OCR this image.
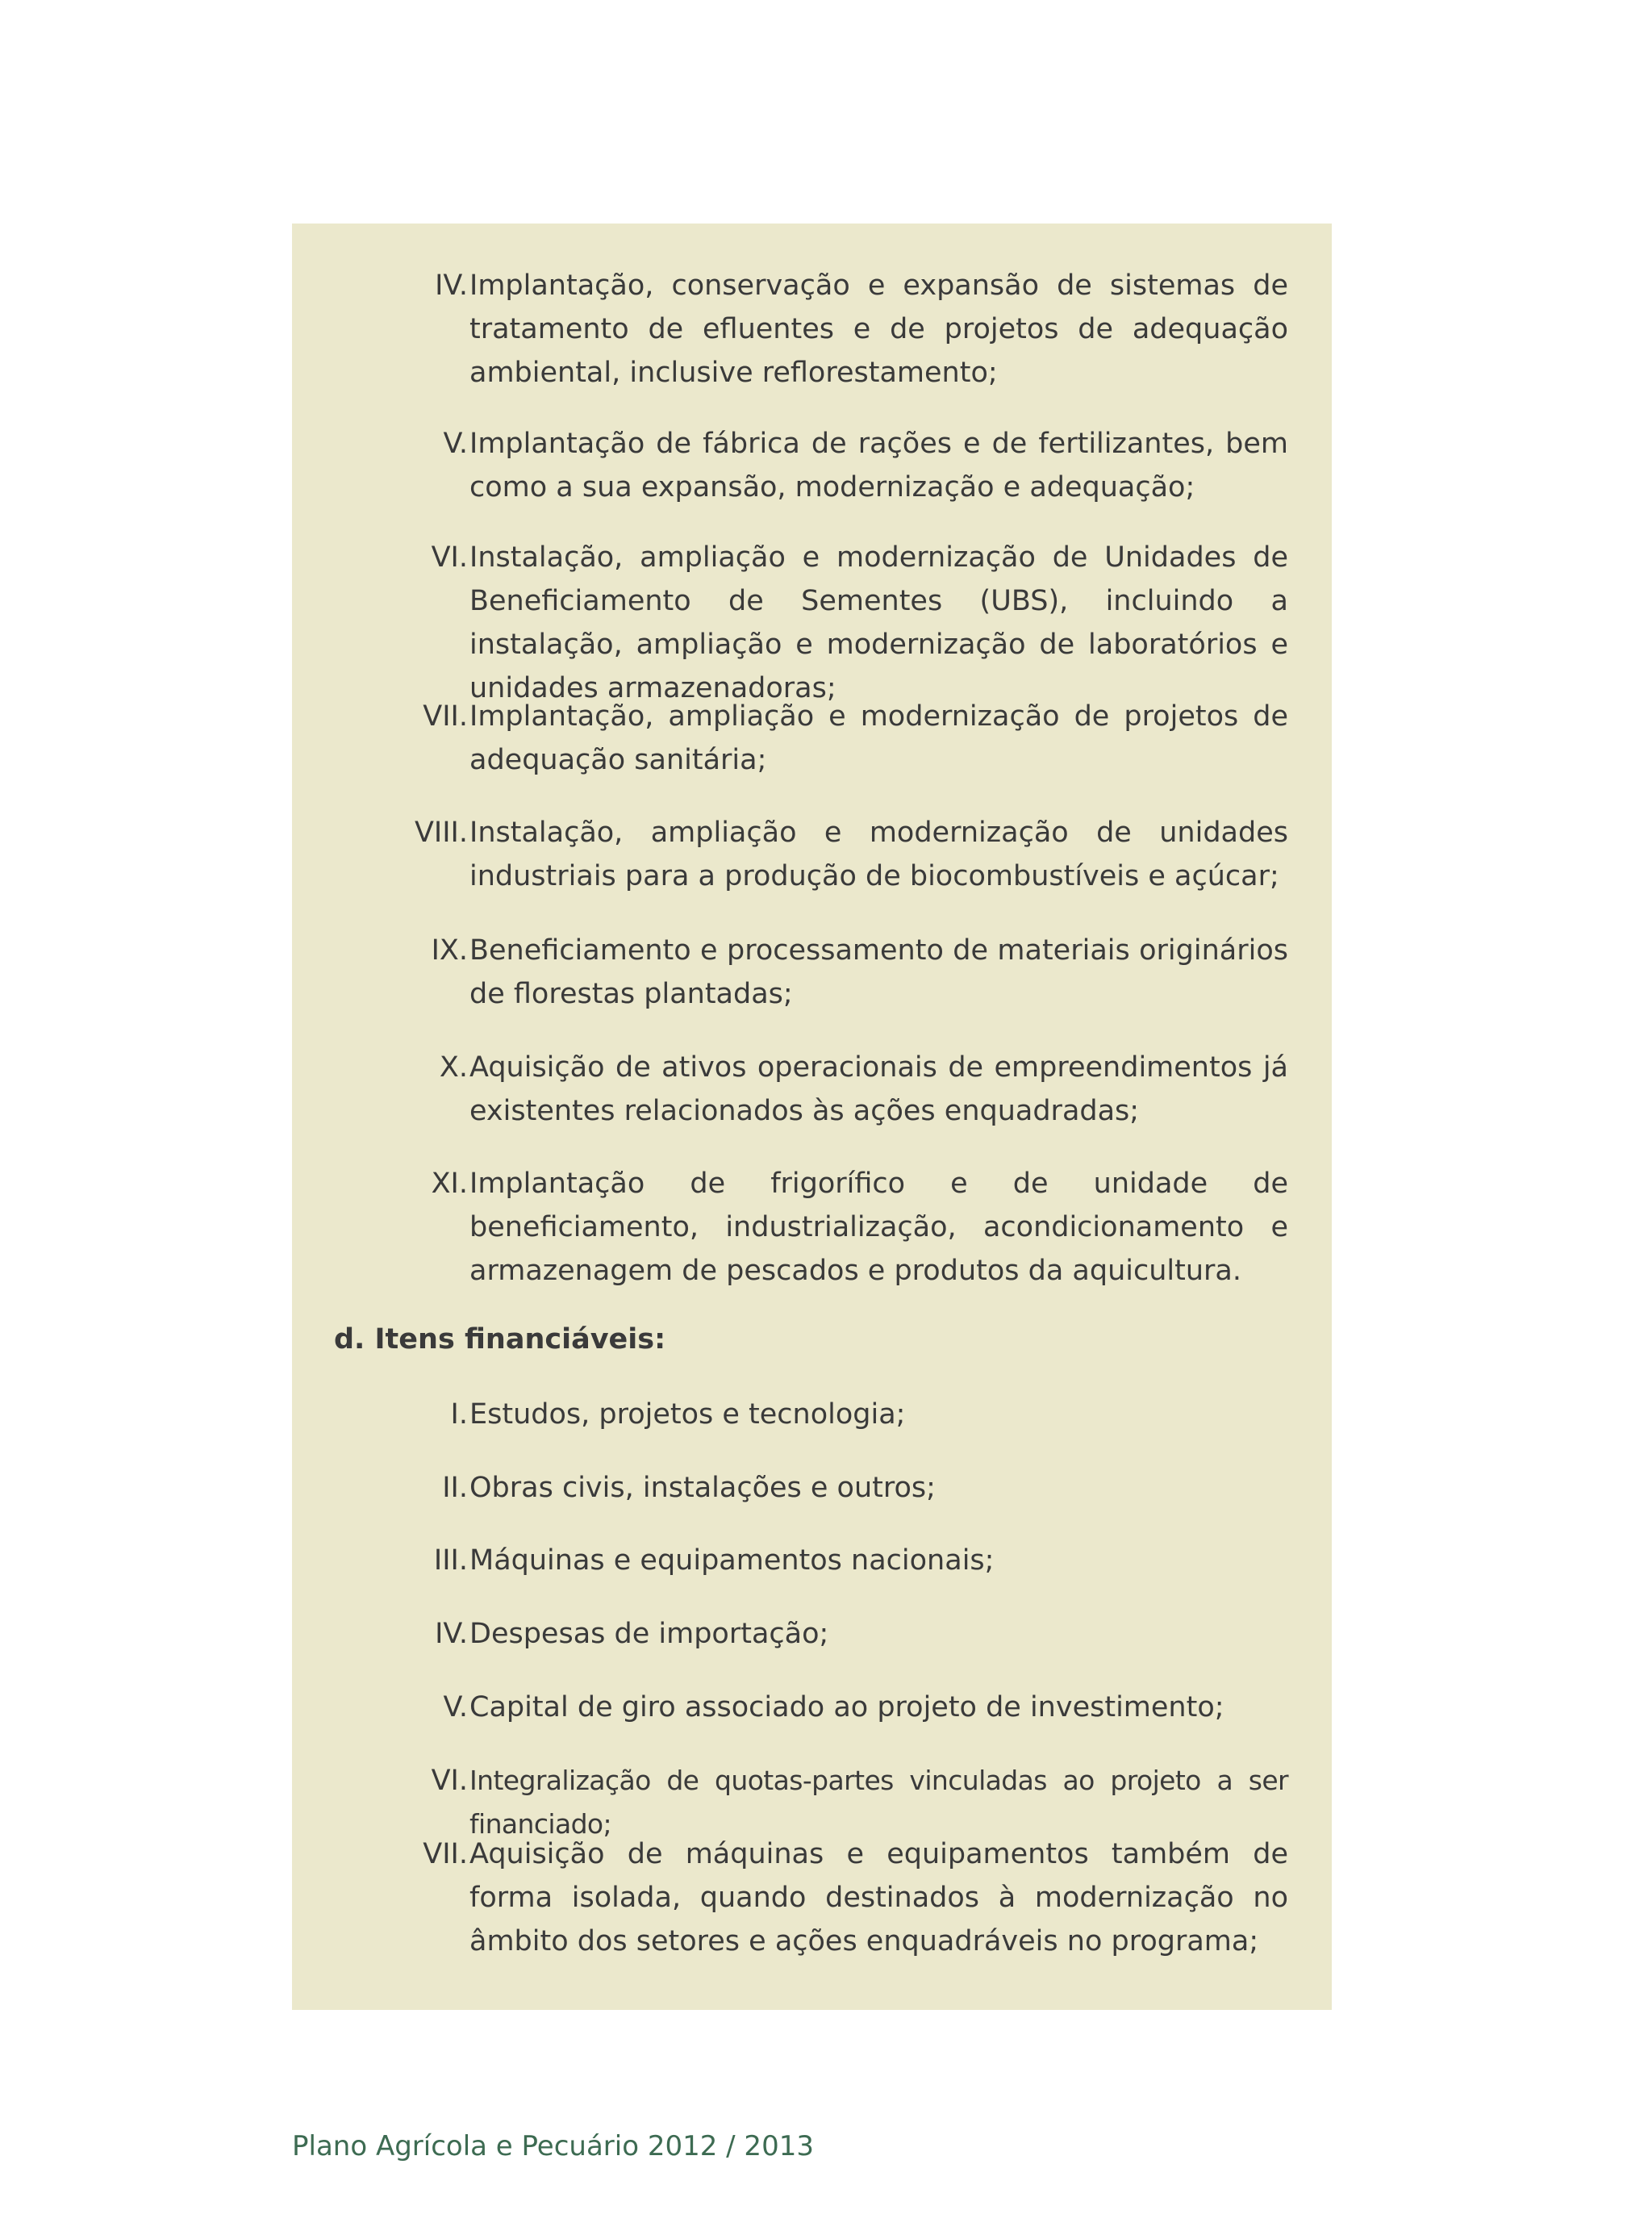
IV. Implantação, conservação e expansão de sistemas de tratamento de efluentes e de projetos de adequação ambiental, inclusive reflorestamento;
V. Implantação de fábrica de rações e de fertilizantes, bem como a sua expansão, modernização e adequação;
VI. Instalação, ampliação e modernização de Unidades de Beneficiamento de Sementes (UBS), incluindo a instalação, ampliação e modernização de laboratórios e unidades armazenadoras;
VII. Implantação, ampliação e modernização de projetos de adequação sanitária;
VIII. Instalação, ampliação e modernização de unidades industriais para a produção de biocombustíveis e açúcar;
IX. Beneficiamento e processamento de materiais originários de florestas plantadas;
X. Aquisição de ativos operacionais de empreendimentos já existentes relacionados às ações enquadradas;
XI. Implantação de frigorífico e de unidade de beneficiamento, industrialização, acondicionamento e armazenagem de pescados e produtos da aquicultura.
d. Itens financiáveis:
I. Estudos, projetos e tecnologia;
II. Obras civis, instalações e outros;
III. Máquinas e equipamentos nacionais;
IV. Despesas de importação;
V. Capital de giro associado ao projeto de investimento;
VI. Integralização de quotas-partes vinculadas ao projeto a ser financiado;
VII. Aquisição de máquinas e equipamentos também de forma isolada, quando destinados à modernização no âmbito dos setores e ações enquadráveis no programa;
Plano Agrícola e Pecuário 2012 / 2013
